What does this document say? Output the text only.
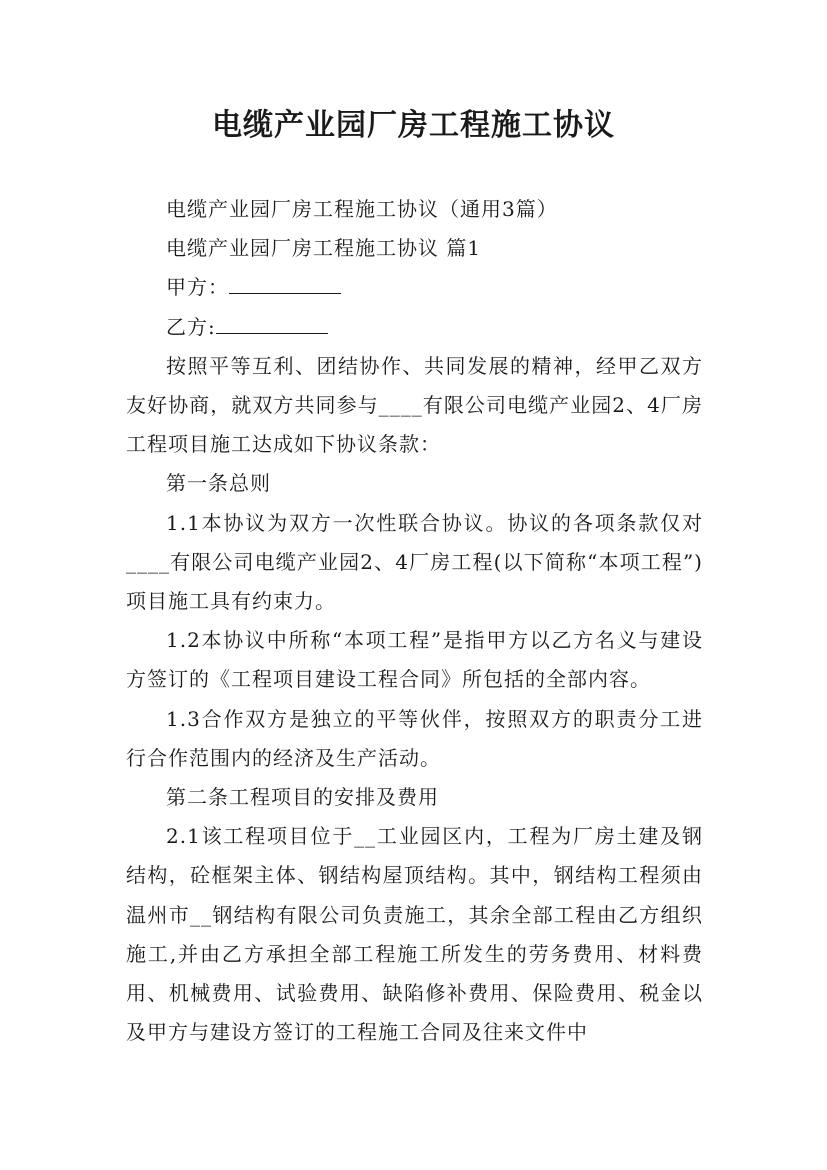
电缆产业园厂房工程施工协议

电缆产业园厂房工程施工协议（通用3篇）

电缆产业园厂房工程施工协议 篇1

甲方：

乙方:

按照平等互利、团结协作、共同发展的精神，经甲乙双方友好协商，就双方共同参与____有限公司电缆产业园2、4厂房工程项目施工达成如下协议条款：

第一条总则

1.1本协议为双方一次性联合协议。协议的各项条款仅对____有限公司电缆产业园2、4厂房工程(以下简称“本项工程”)项目施工具有约束力。

1.2本协议中所称“本项工程”是指甲方以乙方名义与建设方签订的《工程项目建设工程合同》所包括的全部内容。

1.3合作双方是独立的平等伙伴，按照双方的职责分工进行合作范围内的经济及生产活动。

第二条工程项目的安排及费用

2.1该工程项目位于__工业园区内，工程为厂房土建及钢结构，砼框架主体、钢结构屋顶结构。其中，钢结构工程须由温州市__钢结构有限公司负责施工，其余全部工程由乙方组织施工,并由乙方承担全部工程施工所发生的劳务费用、材料费用、机械费用、试验费用、缺陷修补费用、保险费用、税金以及甲方与建设方签订的工程施工合同及往来文件中
